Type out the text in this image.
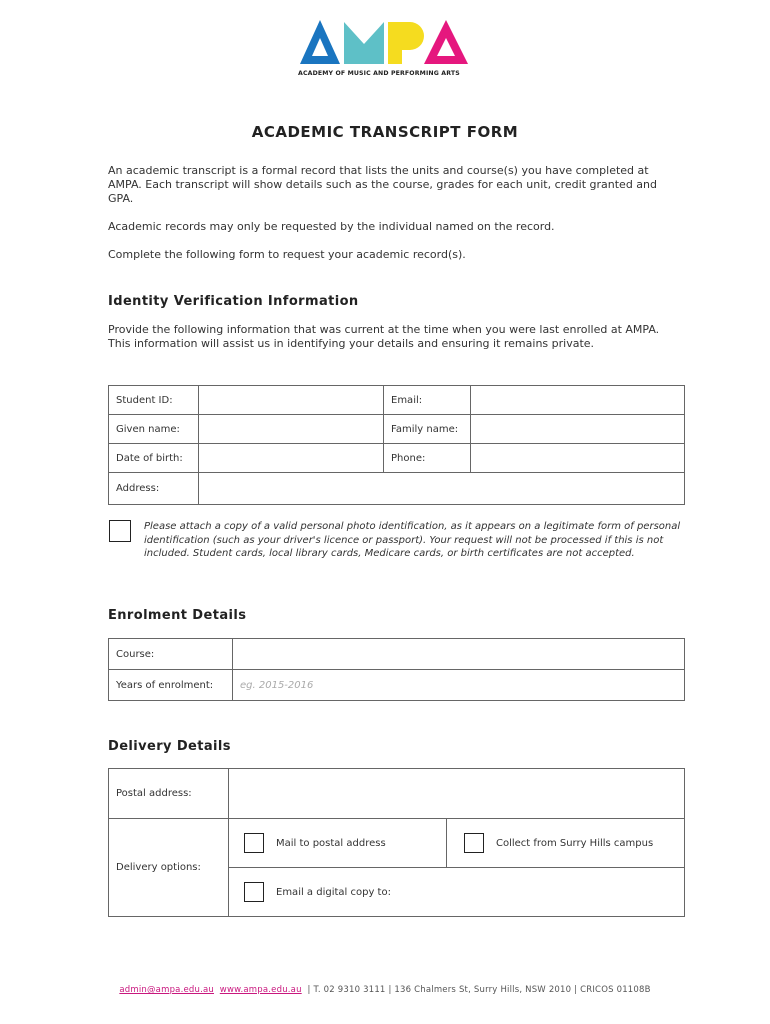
ACADEMY OF MUSIC AND PERFORMING ARTS
ACADEMIC TRANSCRIPT FORM
An academic transcript is a formal record that lists the units and course(s) you have completed at AMPA. Each transcript will show details such as the course, grades for each unit, credit granted and GPA.
Academic records may only be requested by the individual named on the record.
Complete the following form to request your academic record(s).
Identity Verification Information
Provide the following information that was current at the time when you were last enrolled at AMPA. This information will assist us in identifying your details and ensuring it remains private.
Student ID:		Email:	
Given name:		Family name:	
Date of birth:		Phone:	
Address:			
Please attach a copy of a valid personal photo identification, as it appears on a legitimate form of personal identification (such as your driver's licence or passport). Your request will not be processed if this is not included. Student cards, local library cards, Medicare cards, or birth certificates are not accepted.
Enrolment Details
Course:	
Years of enrolment:	eg. 2015-2016
Delivery Details
Postal address:		
Delivery options:	Mail to postal address	Collect from Surry Hills campus

	Email a digital copy to:	
admin@ampa.edu.au www.ampa.edu.au | T. 02 9310 3111 | 136 Chalmers St, Surry Hills, NSW 2010 | CRICOS 01108B
